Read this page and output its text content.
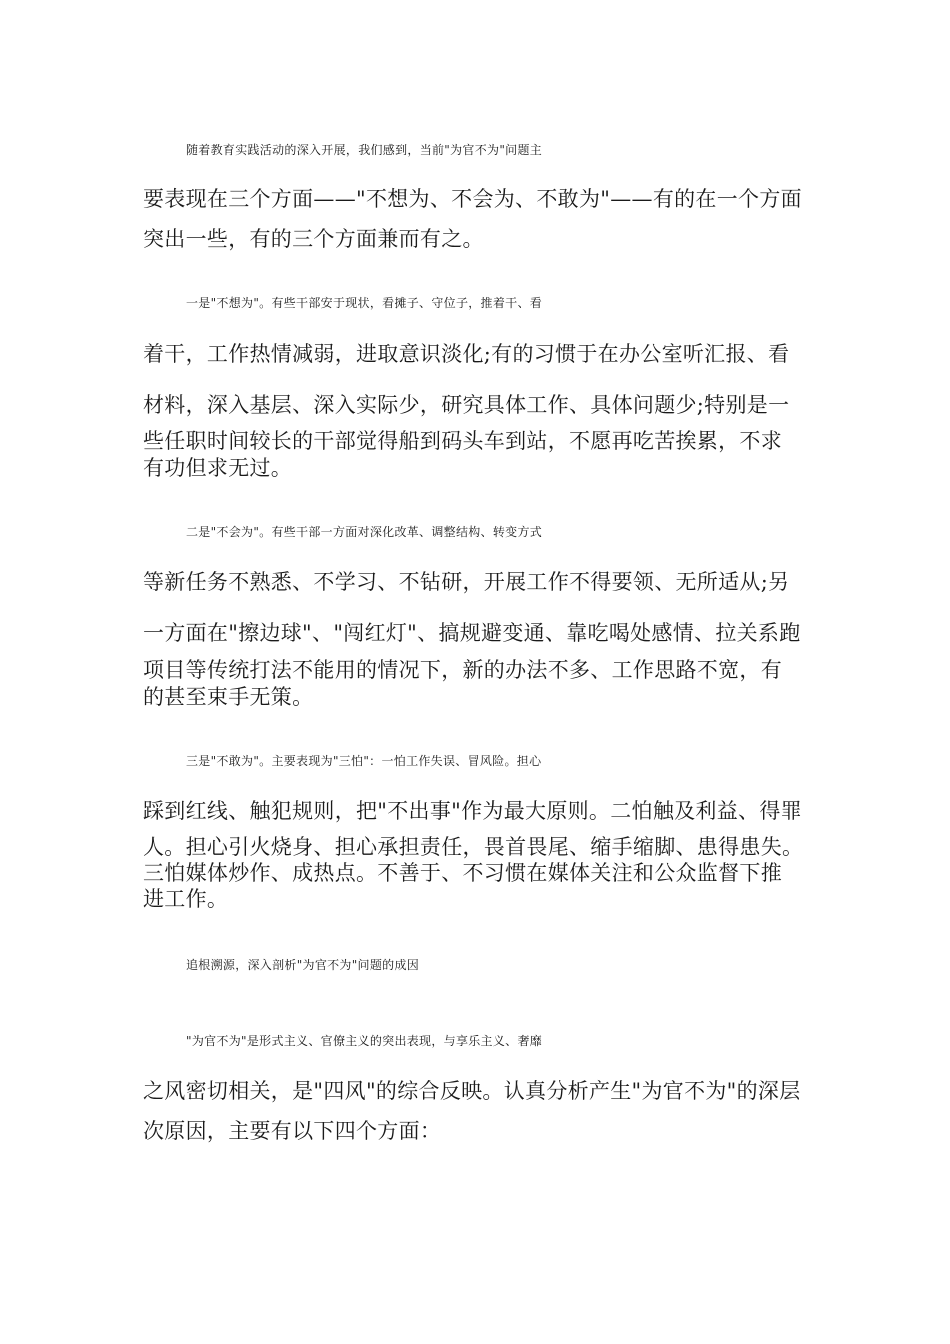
随着教育实践活动的深入开展，我们感到，当前"为官不为"问题主
要表现在三个方面——"不想为、不会为、不敢为"——有的在一个方面
突出一些，有的三个方面兼而有之。
一是"不想为"。有些干部安于现状，看摊子、守位子，推着干、看
着干，工作热情减弱，进取意识淡化;有的习惯于在办公室听汇报、看
材料，深入基层、深入实际少，研究具体工作、具体问题少;特别是一
些任职时间较长的干部觉得船到码头车到站，不愿再吃苦挨累，不求
有功但求无过。
二是"不会为"。有些干部一方面对深化改革、调整结构、转变方式
等新任务不熟悉、不学习、不钻研，开展工作不得要领、无所适从;另
一方面在"擦边球"、"闯红灯"、搞规避变通、靠吃喝处感情、拉关系跑
项目等传统打法不能用的情况下，新的办法不多、工作思路不宽，有
的甚至束手无策。
三是"不敢为"。主要表现为"三怕"：一怕工作失误、冒风险。担心
踩到红线、触犯规则，把"不出事"作为最大原则。二怕触及利益、得罪
人。担心引火烧身、担心承担责任，畏首畏尾、缩手缩脚、患得患失。
三怕媒体炒作、成热点。不善于、不习惯在媒体关注和公众监督下推
进工作。
追根溯源，深入剖析"为官不为"问题的成因
"为官不为"是形式主义、官僚主义的突出表现，与享乐主义、奢靡
之风密切相关，是"四风"的综合反映。认真分析产生"为官不为"的深层
次原因，主要有以下四个方面：
